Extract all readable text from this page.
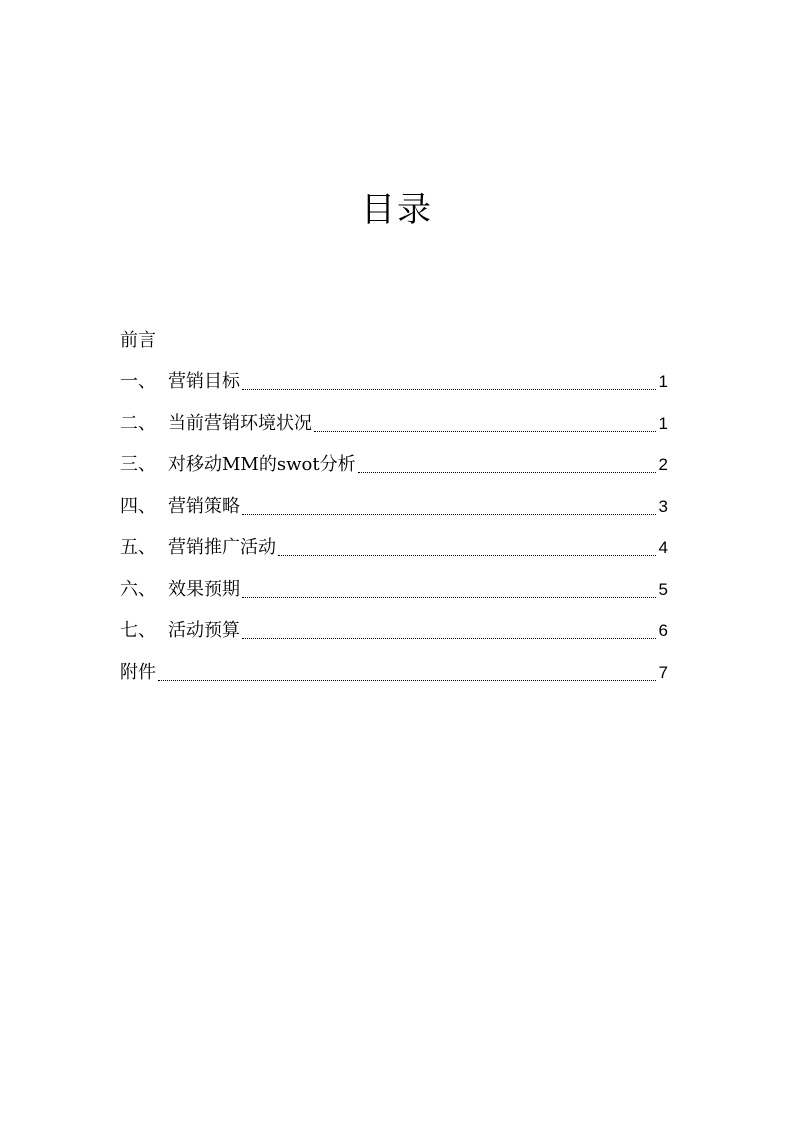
目录
前言
一、 营销目标	1
二、 当前营销环境状况	1
三、 对移动MM的swot分析	2
四、 营销策略	3
五、 营销推广活动	4
六、 效果预期	5
七、 活动预算	6
附件	7
